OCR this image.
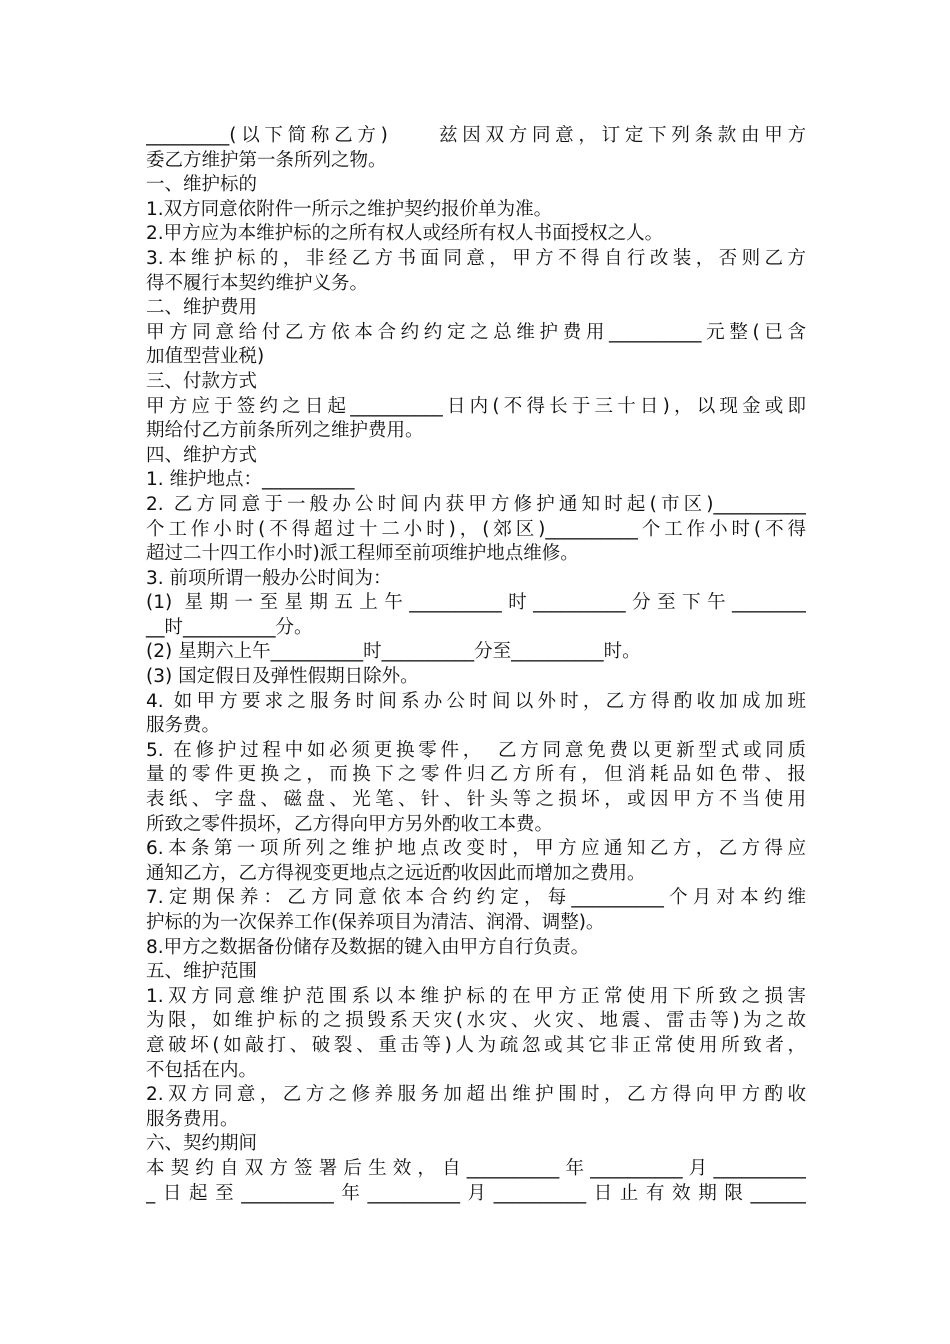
_________(以下简称乙方)　　兹因双方同意，订定下列条款由甲方
委乙方维护第一条所列之物。
一、维护标的
1.双方同意依附件一所示之维护契约报价单为准。
2.甲方应为本维护标的之所有权人或经所有权人书面授权之人。
3.本维护标的，非经乙方书面同意，甲方不得自行改装，否则乙方
得不履行本契约维护义务。
二、维护费用
甲方同意给付乙方依本合约约定之总维护费用__________元整(已含
加值型营业税)
三、付款方式
甲方应于签约之日起__________日内(不得长于三十日)，以现金或即
期给付乙方前条所列之维护费用。
四、维护方式
1. 维护地点：__________
2. 乙方同意于一般办公时间内获甲方修护通知时起(市区)__________
个工作小时(不得超过十二小时)，(郊区)__________个工作小时(不得
超过二十四工作小时)派工程师至前项维护地点维修。
3. 前项所谓一般办公时间为：
(1) 星期一至星期五上午__________时__________分至下午________
__时__________分。
(2) 星期六上午__________时__________分至__________时。
(3) 国定假日及弹性假期日除外。
4. 如甲方要求之服务时间系办公时间以外时，乙方得酌收加成加班
服务费。
5. 在修护过程中如必须更换零件，　乙方同意免费以更新型式或同质
量的零件更换之，而换下之零件归乙方所有，但消耗品如色带、报
表纸、字盘、磁盘、光笔、针、针头等之损坏，或因甲方不当使用
所致之零件损坏，乙方得向甲方另外酌收工本费。
6.本条第一项所列之维护地点改变时，甲方应通知乙方，乙方得应
通知乙方，乙方得视变更地点之远近酌收因此而增加之费用。
7.定期保养：乙方同意依本合约约定，每__________个月对本约维
护标的为一次保养工作(保养项目为清洁、润滑、调整)。
8.甲方之数据备份储存及数据的键入由甲方自行负责。
五、维护范围
1.双方同意维护范围系以本维护标的在甲方正常使用下所致之损害
为限，如维护标的之损毁系天灾(水灾、火灾、地震、雷击等)为之故
意破坏(如敲打、破裂、重击等)人为疏忽或其它非正常使用所致者，
不包括在内。
2.双方同意，乙方之修养服务加超出维护围时，乙方得向甲方酌收
服务费用。
六、契约期间
本契约自双方签署后生效，自__________年__________月__________
_日起至__________年__________月__________日止有效期限______
